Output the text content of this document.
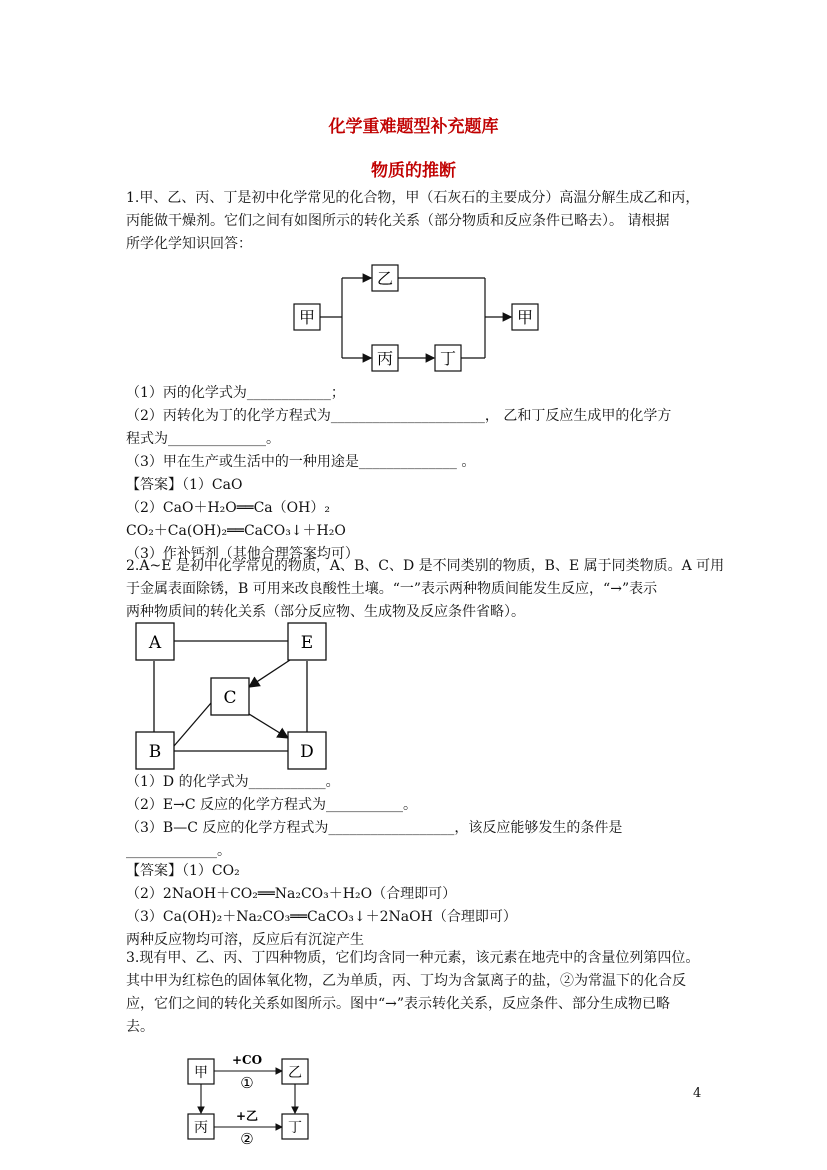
化学重难题型补充题库
物质的推断
1.甲、乙、丙、丁是初中化学常见的化合物，甲（石灰石的主要成分）高温分解生成乙和丙，
丙能做干燥剂。它们之间有如图所示的转化关系（部分物质和反应条件已略去）。 请根据
所学化学知识回答：
甲
乙
丙	丁
甲
（1）丙的化学式为____________；
（2）丙转化为丁的化学方程式为______________________， 乙和丁反应生成甲的化学方
程式为______________。
（3）甲在生产或生活中的一种用途是______________ 。
【答案】（1）CaO
（2）CaO＋H₂O══Ca（OH）₂
CO₂＋Ca(OH)₂══CaCO₃↓＋H₂O
（3）作补钙剂（其他合理答案均可）
2.A~E 是初中化学常见的物质，A、B、C、D 是不同类别的物质，B、E 属于同类物质。A 可用
于金属表面除锈，B 可用来改良酸性土壤。“一”表示两种物质间能发生反应，“→”表示
两种物质间的转化关系（部分反应物、生成物及反应条件省略）。
A	E
C
B	D
（1）D 的化学式为___________。
（2）E→C 反应的化学方程式为___________。
（3）B—C 反应的化学方程式为__________________，该反应能够发生的条件是
_____________。
【答案】（1）CO₂
（2）2NaOH＋CO₂══Na₂CO₃＋H₂O（合理即可）
（3）Ca(OH)₂＋Na₂CO₃══CaCO₃↓＋2NaOH（合理即可）
两种反应物均可溶，反应后有沉淀产生
3.现有甲、乙、丙、丁四种物质，它们均含同一种元素，该元素在地壳中的含量位列第四位。
其中甲为红棕色的固体氧化物，乙为单质，丙、丁均为含氯离子的盐，②为常温下的化合反
应，它们之间的转化关系如图所示。图中“→”表示转化关系，反应条件、部分生成物已略
去。
甲	乙
丙	丁
+CO
①
+乙
②
4
